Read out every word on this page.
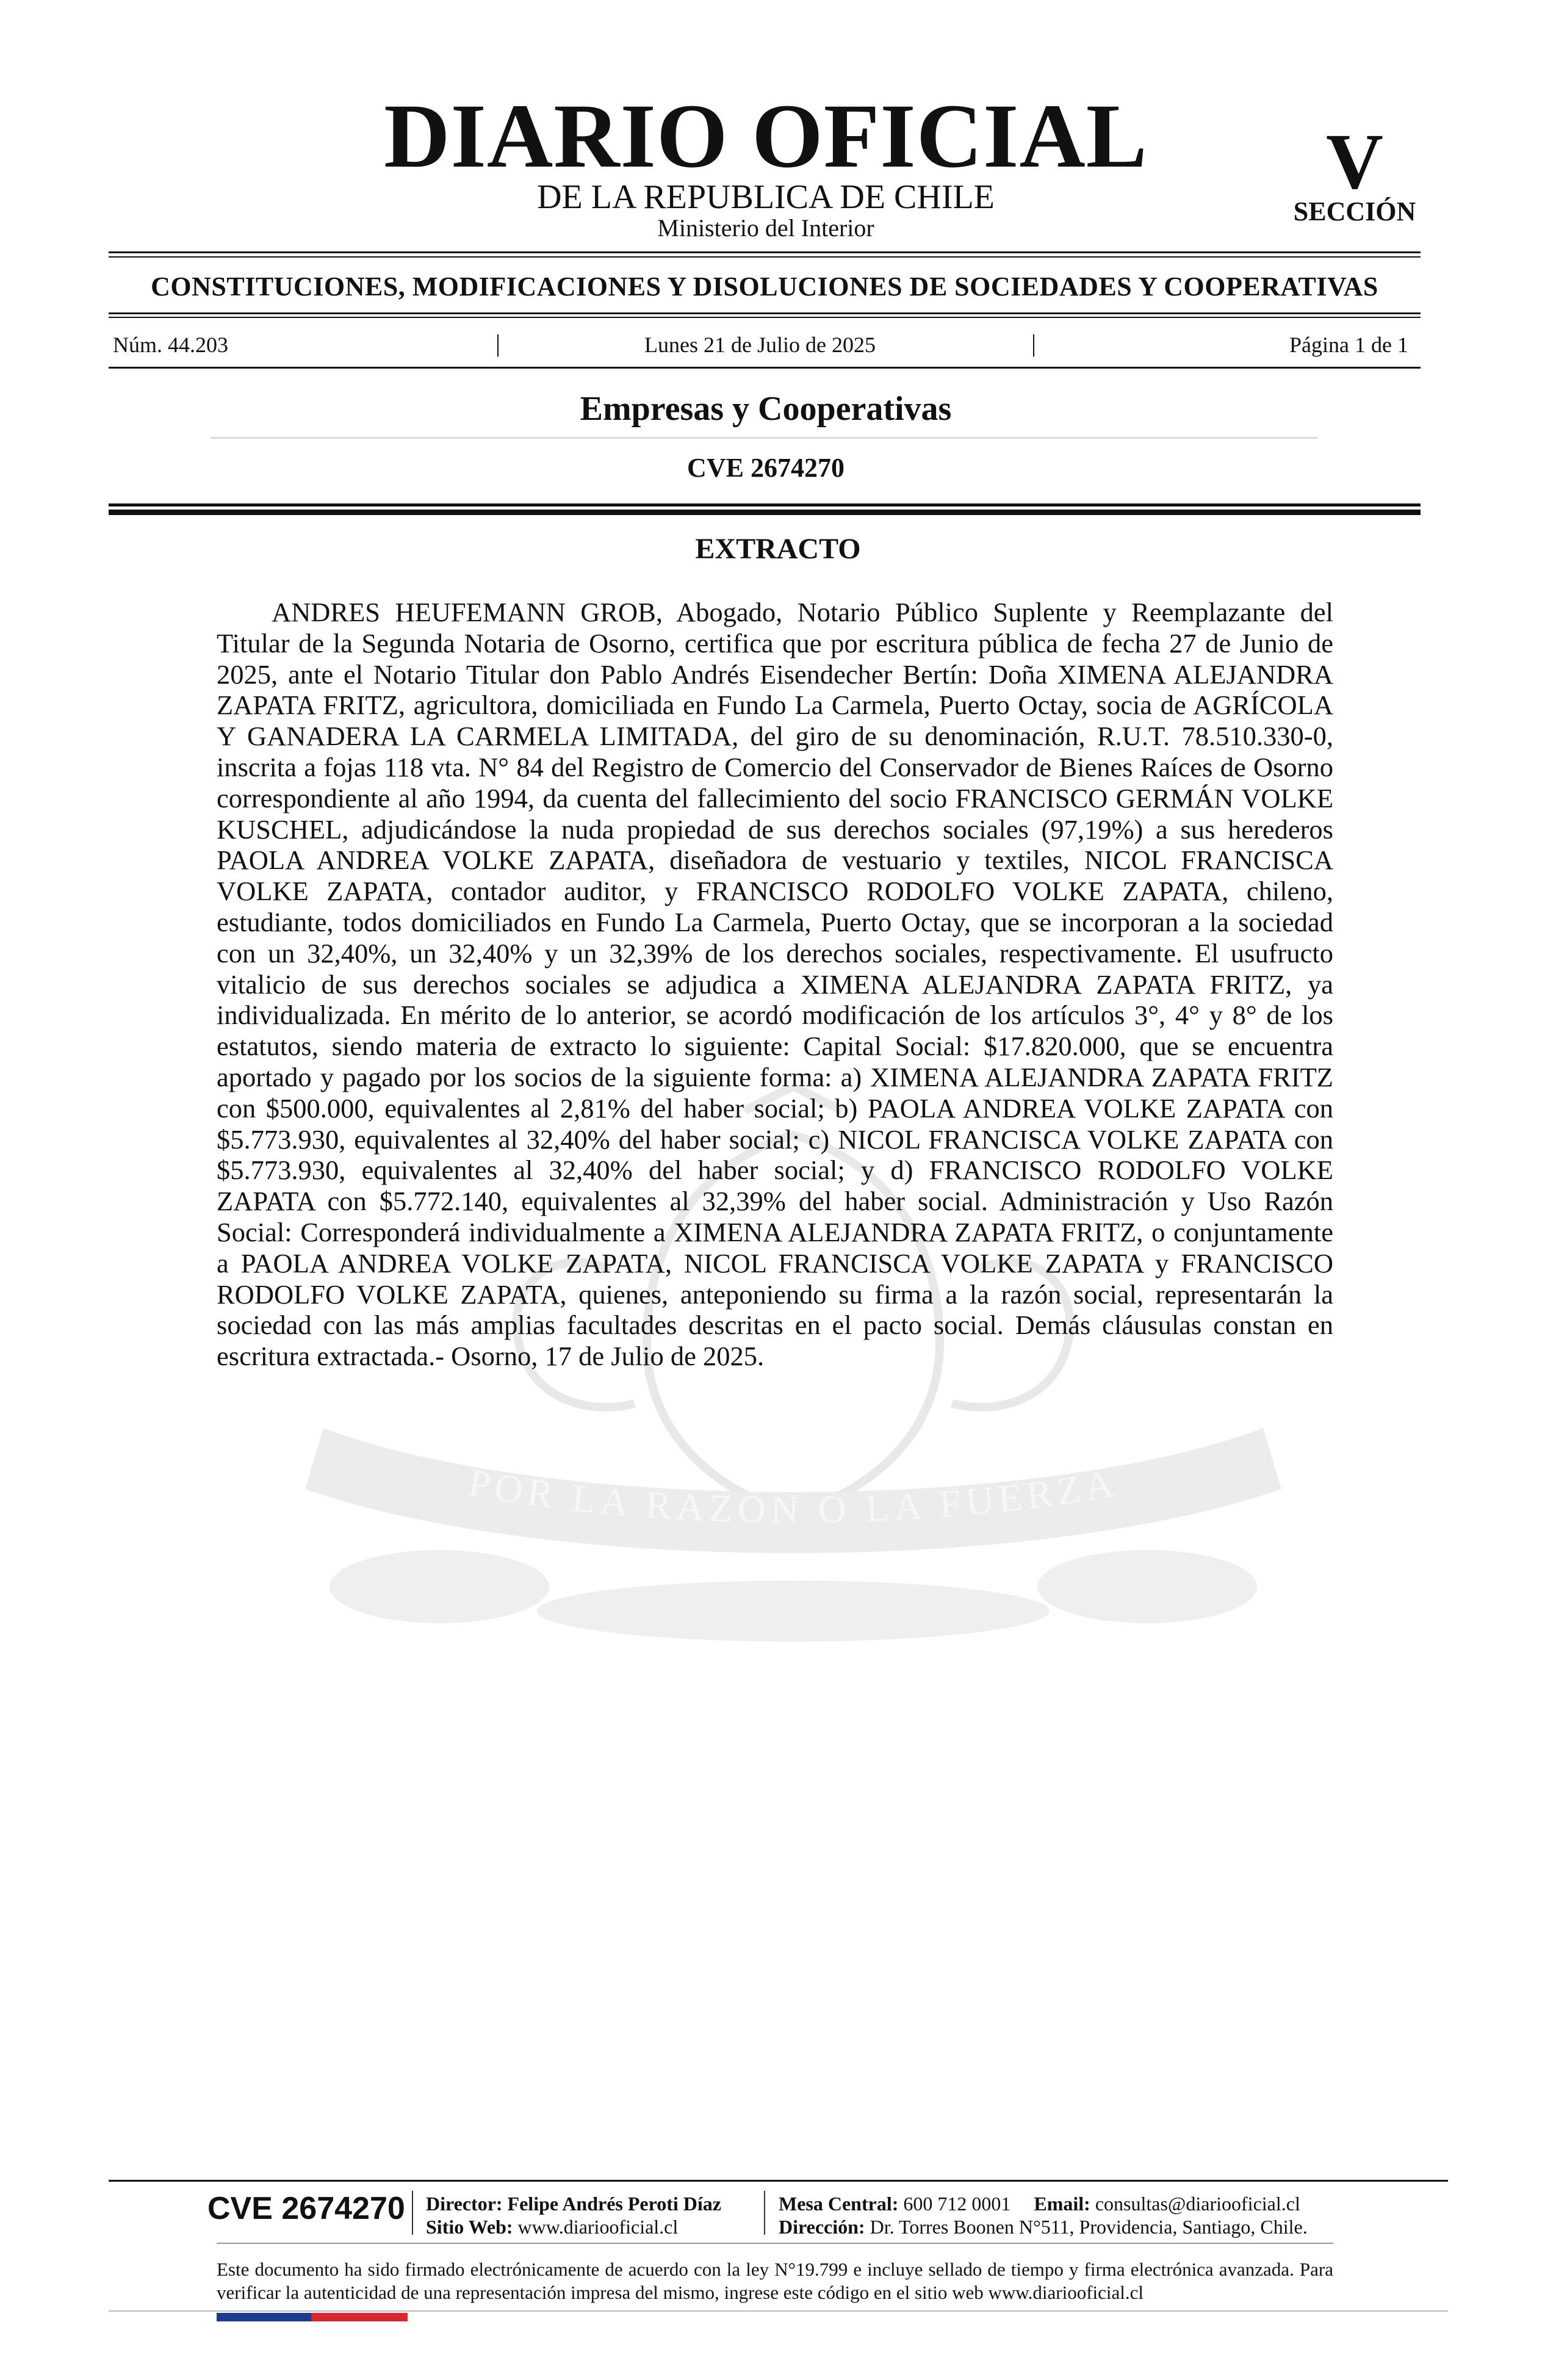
DIARIO OFICIAL
DE LA REPUBLICA DE CHILE
Ministerio del Interior
V
SECCIÓN
CONSTITUCIONES, MODIFICACIONES Y DISOLUCIONES DE SOCIEDADES Y COOPERATIVAS
Núm. 44.203	|	Lunes 21 de Julio de 2025	|	Página 1 de 1
Empresas y Cooperativas
CVE 2674270
POR LA RAZON O LA FUERZA
EXTRACTO
ANDRES HEUFEMANN GROB, Abogado, Notario Público Suplente y Reemplazante del Titular de la Segunda Notaria de Osorno, certifica que por escritura pública de fecha 27 de Junio de 2025, ante el Notario Titular don Pablo Andrés Eisendecher Bertín: Doña XIMENA ALEJANDRA ZAPATA FRITZ, agricultora, domiciliada en Fundo La Carmela, Puerto Octay, socia de AGRÍCOLA Y GANADERA LA CARMELA LIMITADA, del giro de su denominación, R.U.T. 78.510.330-0, inscrita a fojas 118 vta. N° 84 del Registro de Comercio del Conservador de Bienes Raíces de Osorno correspondiente al año 1994, da cuenta del fallecimiento del socio FRANCISCO GERMÁN VOLKE KUSCHEL, adjudicándose la nuda propiedad de sus derechos sociales (97,19%) a sus herederos PAOLA ANDREA VOLKE ZAPATA, diseñadora de vestuario y textiles, NICOL FRANCISCA VOLKE ZAPATA, contador auditor, y FRANCISCO RODOLFO VOLKE ZAPATA, chileno, estudiante, todos domiciliados en Fundo La Carmela, Puerto Octay, que se incorporan a la sociedad con un 32,40%, un 32,40% y un 32,39% de los derechos sociales, respectivamente. El usufructo vitalicio de sus derechos sociales se adjudica a XIMENA ALEJANDRA ZAPATA FRITZ, ya individualizada. En mérito de lo anterior, se acordó modificación de los artículos 3°, 4° y 8° de los estatutos, siendo materia de extracto lo siguiente: Capital Social: $17.820.000, que se encuentra aportado y pagado por los socios de la siguiente forma: a) XIMENA ALEJANDRA ZAPATA FRITZ con $500.000, equivalentes al 2,81% del haber social; b) PAOLA ANDREA VOLKE ZAPATA con $5.773.930, equivalentes al 32,40% del haber social; c) NICOL FRANCISCA VOLKE ZAPATA con $5.773.930, equivalentes al 32,40% del haber social; y d) FRANCISCO RODOLFO VOLKE ZAPATA con $5.772.140, equivalentes al 32,39% del haber social. Administración y Uso Razón Social: Corresponderá individualmente a XIMENA ALEJANDRA ZAPATA FRITZ, o conjuntamente a PAOLA ANDREA VOLKE ZAPATA, NICOL FRANCISCA VOLKE ZAPATA y FRANCISCO RODOLFO VOLKE ZAPATA, quienes, anteponiendo su firma a la razón social, representarán la sociedad con las más amplias facultades descritas en el pacto social. Demás cláusulas constan en escritura extractada.- Osorno, 17 de Julio de 2025.
CVE 2674270 Director: Felipe Andrés Peroti Díaz
Sitio Web: www.diariooficial.cl
Mesa Central: 600 712 0001 Email: consultas@diariooficial.cl
Dirección: Dr. Torres Boonen N°511, Providencia, Santiago, Chile.
Este documento ha sido firmado electrónicamente de acuerdo con la ley N°19.799 e incluye sellado de tiempo y firma electrónica avanzada. Para verificar la autenticidad de una representación impresa del mismo, ingrese este código en el sitio web www.diariooficial.cl
